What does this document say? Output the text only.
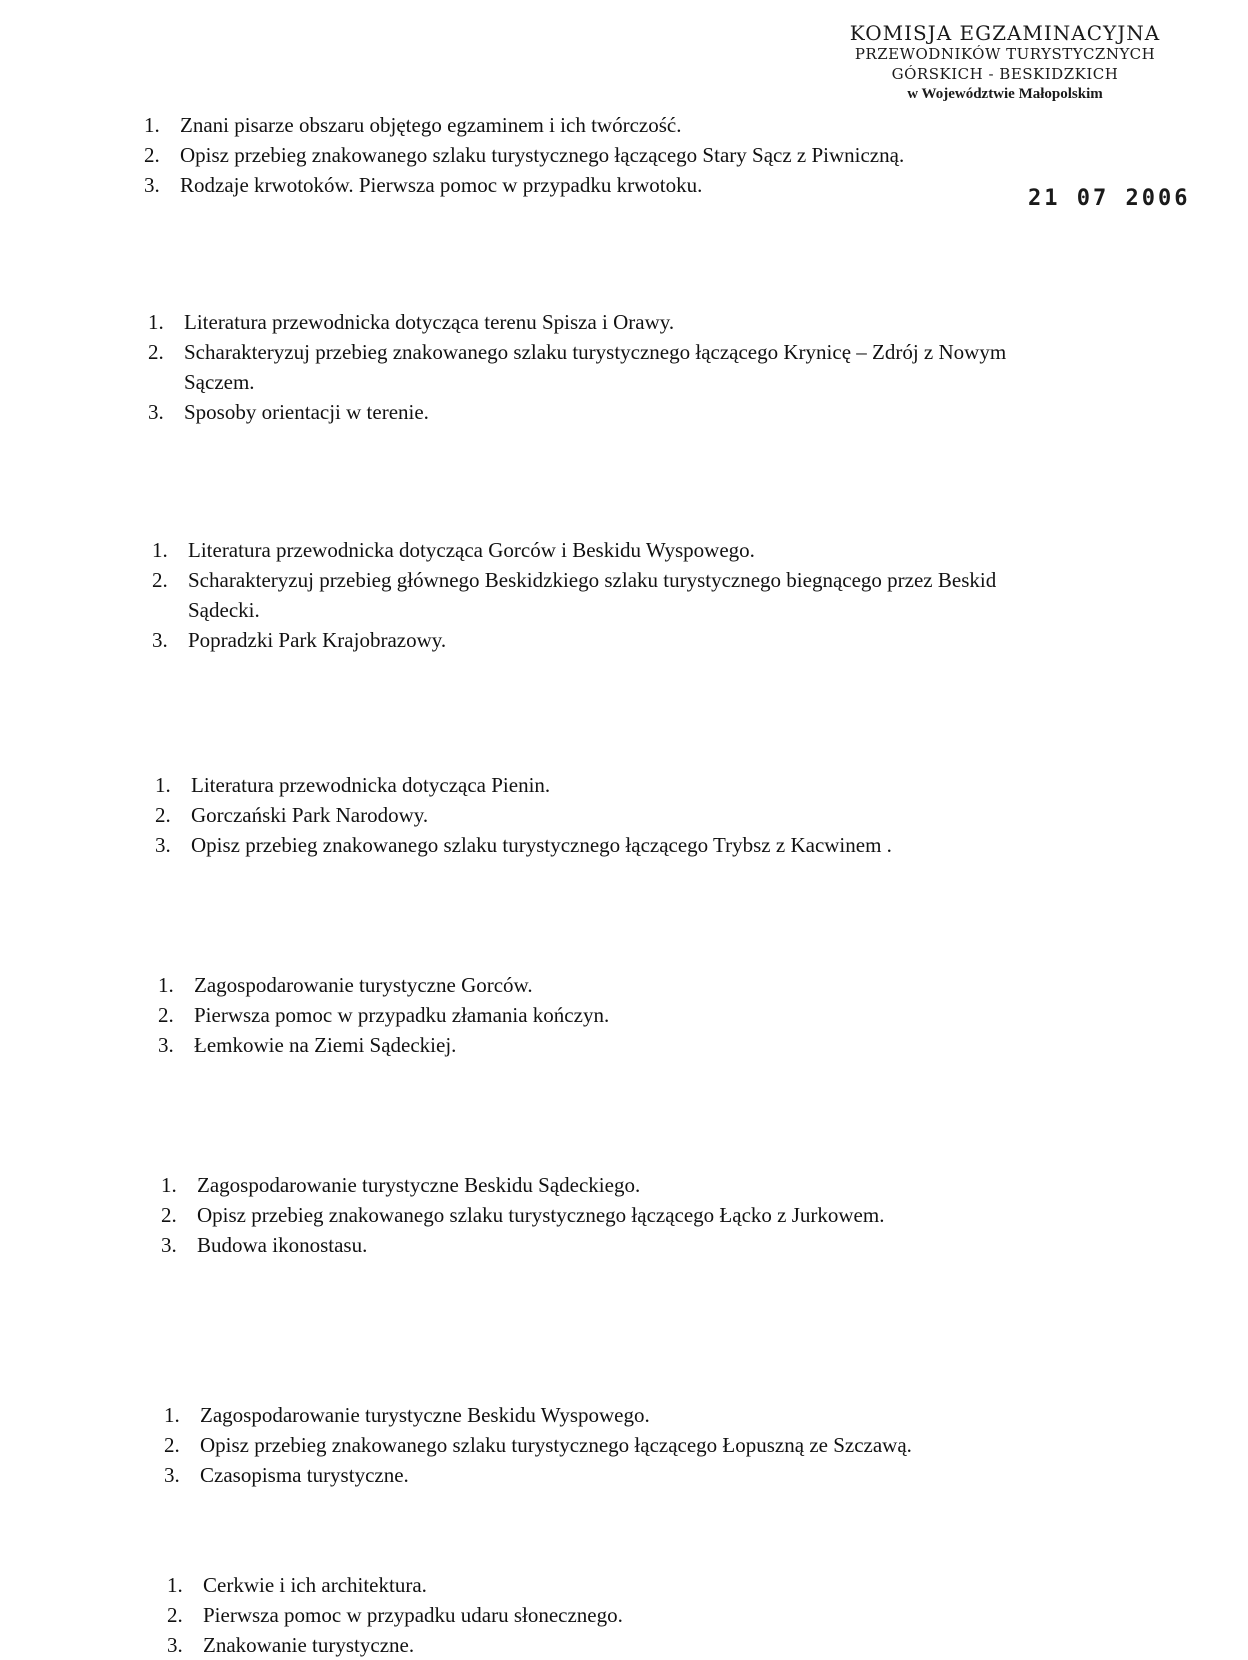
KOMISJA EGZAMINACYJNA
PRZEWODNIKÓW TURYSTYCZNYCH
GÓRSKICH - BESKIDZKICH
w Województwie Małopolskim
21 07 2006
1. Znani pisarze obszaru objętego egzaminem i ich twórczość.
2. Opisz przebieg znakowanego szlaku turystycznego łączącego Stary Sącz z Piwniczną.
3. Rodzaje krwotoków. Pierwsza pomoc w przypadku krwotoku.
1. Literatura przewodnicka dotycząca terenu Spisza i Orawy.
2. Scharakteryzuj przebieg znakowanego szlaku turystycznego łączącego Krynicę – Zdrój z Nowym Sączem.
3. Sposoby orientacji w terenie.
1. Literatura przewodnicka dotycząca Gorców i Beskidu Wyspowego.
2. Scharakteryzuj przebieg głównego Beskidzkiego szlaku turystycznego biegnącego przez Beskid Sądecki.
3. Popradzki Park Krajobrazowy.
1. Literatura przewodnicka dotycząca Pienin.
2. Gorczański Park Narodowy.
3. Opisz przebieg znakowanego szlaku turystycznego łączącego Trybsz z Kacwinem .
1. Zagospodarowanie turystyczne Gorców.
2. Pierwsza pomoc w przypadku złamania kończyn.
3. Łemkowie na Ziemi Sądeckiej.
1. Zagospodarowanie turystyczne Beskidu Sądeckiego.
2. Opisz przebieg znakowanego szlaku turystycznego łączącego Łącko z Jurkowem.
3. Budowa ikonostasu.
1. Zagospodarowanie turystyczne Beskidu Wyspowego.
2. Opisz przebieg znakowanego szlaku turystycznego łączącego Łopuszną ze Szczawą.
3. Czasopisma turystyczne.
1. Cerkwie i ich architektura.
2. Pierwsza pomoc w przypadku udaru słonecznego.
3. Znakowanie turystyczne.
